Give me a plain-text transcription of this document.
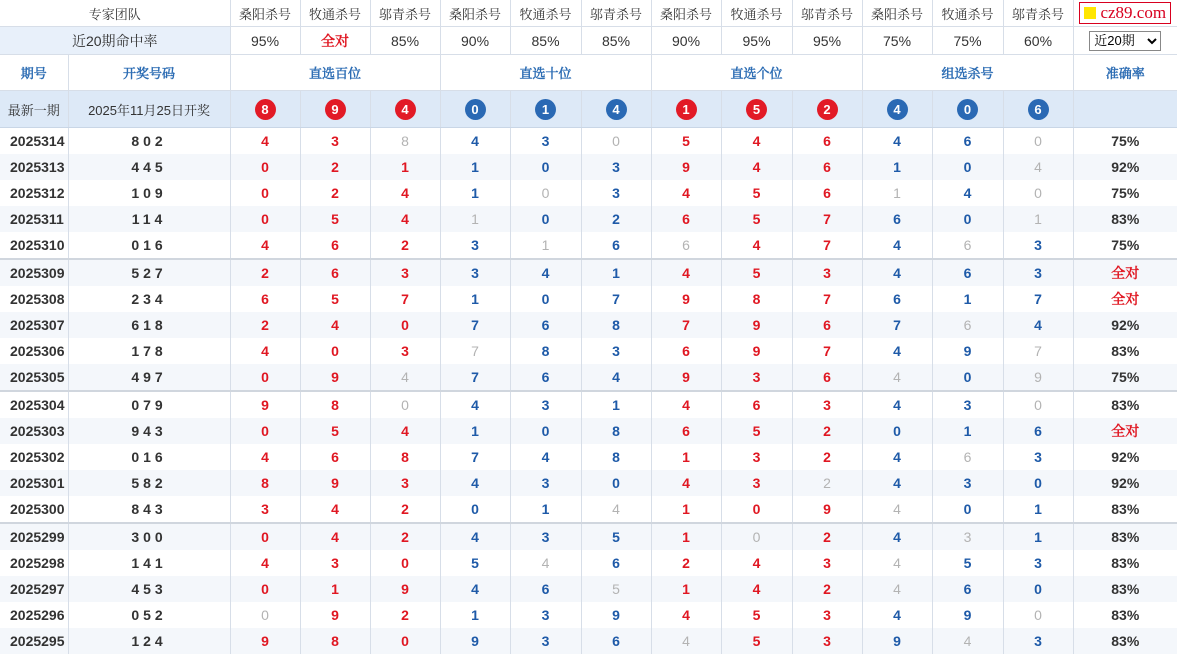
专家团队		桑阳杀号	牧通杀号	邬青杀号	桑阳杀号	牧通杀号	邬青杀号	桑阳杀号	牧通杀号	邬青杀号	桑阳杀号	牧通杀号	邬青杀号	cz89.com

近20期命中率		95%	全对	85%	90%	85%	85%	90%	95%	95%	75%	75%	60%	
近20期
期号	开奖号码	直选百位			直选十位			直选个位			组选杀号			准确率
最新一期	2025年11月25日开奖	8	9	4	0	1	4	1	5	2	4	0	6	
2025314	802	4	3	8	4	3	0	5	4	6	4	6	0	75%
2025313	445	0	2	1	1	0	3	9	4	6	1	0	4	92%
2025312	109	0	2	4	1	0	3	4	5	6	1	4	0	75%
2025311	114	0	5	4	1	0	2	6	5	7	6	0	1	83%
2025310	016	4	6	2	3	1	6	6	4	7	4	6	3	75%
2025309	527	2	6	3	3	4	1	4	5	3	4	6	3	全对
2025308	234	6	5	7	1	0	7	9	8	7	6	1	7	全对
2025307	618	2	4	0	7	6	8	7	9	6	7	6	4	92%
2025306	178	4	0	3	7	8	3	6	9	7	4	9	7	83%
2025305	497	0	9	4	7	6	4	9	3	6	4	0	9	75%
2025304	079	9	8	0	4	3	1	4	6	3	4	3	0	83%
2025303	943	0	5	4	1	0	8	6	5	2	0	1	6	全对
2025302	016	4	6	8	7	4	8	1	3	2	4	6	3	92%
2025301	582	8	9	3	4	3	0	4	3	2	4	3	0	92%
2025300	843	3	4	2	0	1	4	1	0	9	4	0	1	83%
2025299	300	0	4	2	4	3	5	1	0	2	4	3	1	83%
2025298	141	4	3	0	5	4	6	2	4	3	4	5	3	83%
2025297	453	0	1	9	4	6	5	1	4	2	4	6	0	83%
2025296	052	0	9	2	1	3	9	4	5	3	4	9	0	83%
2025295	124	9	8	0	9	3	6	4	5	3	9	4	3	83%
